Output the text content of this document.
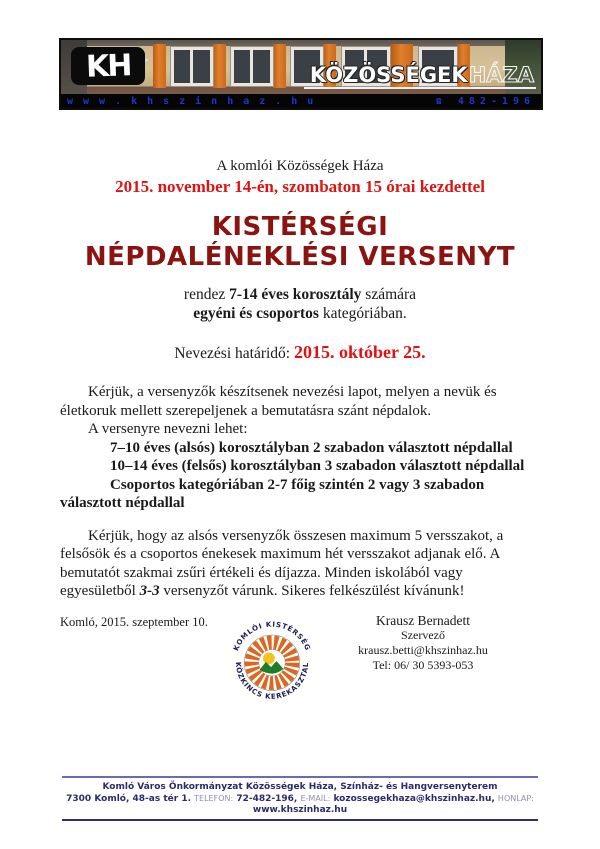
KH	KÖZÖSSÉGEKHÁZA
www.khszinhaz.hu	☎ 482-196
A komlói Közösségek Háza
2015. november 14-én, szombaton 15 órai kezdettel
KISTÉRSÉGI
NÉPDALÉNEKLÉSI VERSENYT
rendez 7-14 éves korosztály számára
egyéni és csoportos kategóriában.
Nevezési határidő: 2015. október 25.

Kérjük, a versenyzők készítsenek nevezési lapot, melyen a nevük és életkoruk mellett szerepeljenek a bemutatásra szánt népdalok.

A versenyre nevezni lehet:

7–10 éves (alsós) korosztályban 2 szabadon választott népdallal

10–14 éves (felsős) korosztályban 3 szabadon választott népdallal

Csoportos kategóriában 2-7 főig szintén 2 vagy 3 szabadon választott népdallal

Kérjük, hogy az alsós versenyzők összesen maximum 5 versszakot, a felsősök és a csoportos énekesek maximum hét versszakot adjanak elő. A bemutatót szakmai zsűri értékeli és díjazza. Minden iskolából vagy egyesületből 3-3 versenyzőt várunk. Sikeres felkészülést kívánunk!

Komló, 2015. szeptember 10.
KOMLÓI KISTÉRSÉG
KÖZKINCS KEREKASZTAL
Krausz Bernadett
Szervező
krausz.betti@khszinhaz.hu
Tel: 06/ 30 5393-053
Komló Város Önkormányzat Közösségek Háza, Színház- és Hangversenyterem
7300 Komló, 48-as tér 1. TELEFON: 72-482-196, E-MAIL: kozossegekhaza@khszinhaz.hu, HONLAP: www.khszinhaz.hu
